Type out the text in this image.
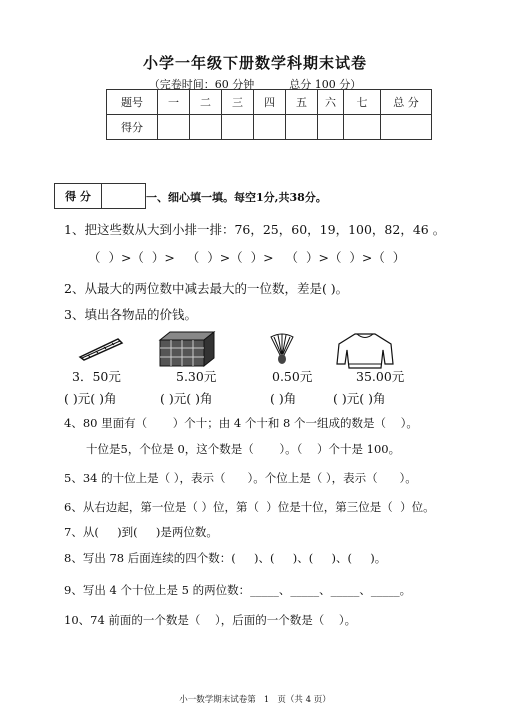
小学一年级下册数学科期末试卷
（完卷时间：60 分钟          总分 100 分）
题号	一	二	三	四	五	六	七	总 分
得分								
得 分		一、细心填一填。每空1分,共38分。
1、把这些数从大到小排一排：76，25，60，19，100，82，46 。
（  ）>（  ）>   （  ）>（  ）>   （  ）>（  ）>（  ）
2、从最大的两位数中减去最大的一位数，差是( )。
3、填出各物品的价钱。
3．50元	5.30元	0.50元	35.00元
( )元( )角	( )元( )角	( )角	( )元( )角
4、80 里面有（       ）个十；由 4 个十和 8 个一组成的数是（    ）。
十位是5，个位是 0，这个数是（       ）。（    ）个十是 100。
5、34 的十位上是（ ），表示（      ）。个位上是（ ），表示（      ）。
6、从右边起，第一位是（ ）位，第（  ）位是十位，第三位是（  ）位。
7、从(     )到(     )是两位数。
8、写出 78 后面连续的四个数：(     )、(     )、(     )、(     )。
9、写出 4 个十位上是 5 的两位数：_____、_____、_____、_____。
10、74 前面的一个数是（    ），后面的一个数是（    ）。
小一数学期末试卷第   1   页（共 4 页）
